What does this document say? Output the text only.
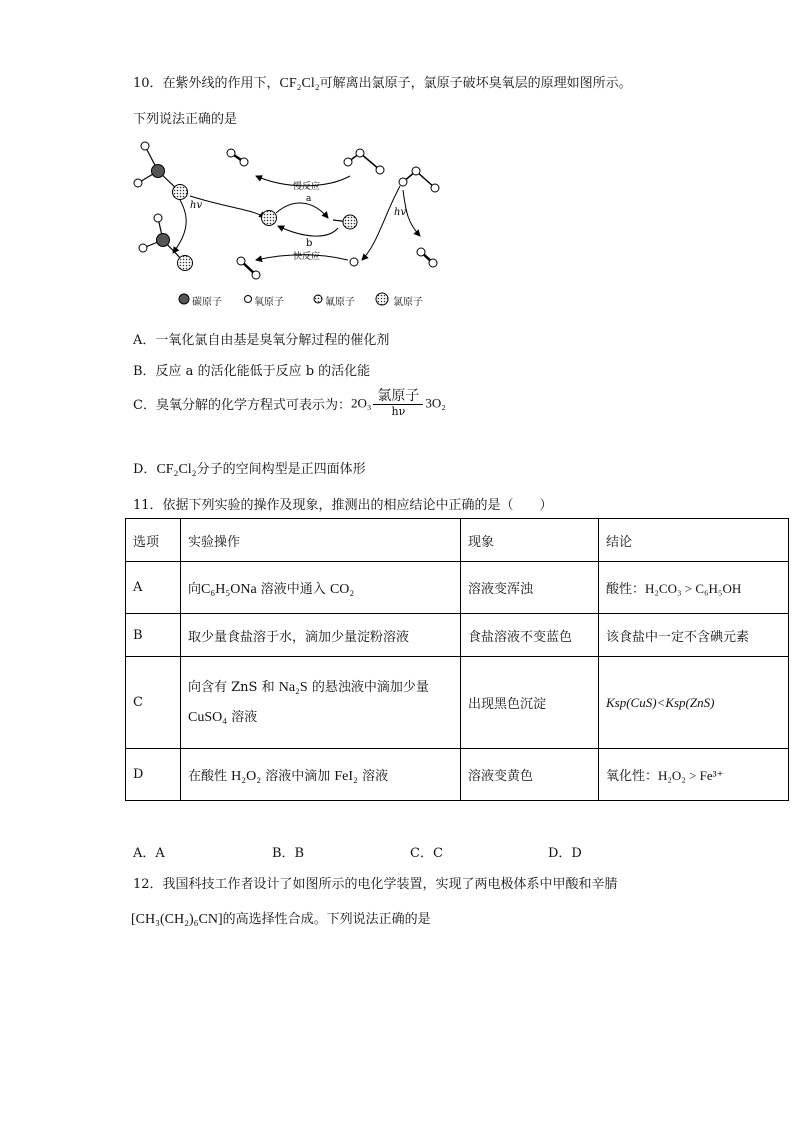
10．在紫外线的作用下，CF₂Cl₂可解离出氯原子，氯原子破坏臭氧层的原理如图所示。
下列说法正确的是
hv
慢反应
a
b
快反应
hv
碳原子	氧原子	氟原子	氯原子
A．一氧化氯自由基是臭氧分解过程的催化剂
B．反应 a 的活化能低于反应 b 的活化能
C．臭氧分解的化学方程式可表示为：2O₃ 氯原子
hν
3O₂
D．CF₂Cl₂分子的空间构型是正四面体形
11．依据下列实验的操作及现象，推测出的相应结论中正确的是（　　）
选项	实验操作	现象	结论
A	向C₆H₅ONa 溶液中通入 CO₂	溶液变浑浊	酸性：H₂CO₃ > C₆H₅OH
B	取少量食盐溶于水，滴加少量淀粉溶液	食盐溶液不变蓝色	该食盐中一定不含碘元素
C	向含有 ZnS 和 Na₂S 的悬浊液中滴加少量
CuSO₄ 溶液	出现黑色沉淀	Ksp(CuS)<Ksp(ZnS)
D	在酸性 H₂O₂ 溶液中滴加 FeI₂ 溶液	溶液变黄色	氧化性：H₂O₂ > Fe³⁺
A．A	B．B	C．C	D．D
12．我国科技工作者设计了如图所示的电化学装置，实现了两电极体系中甲酸和辛腈
[CH₃(CH₂)₆CN]的高选择性合成。下列说法正确的是
